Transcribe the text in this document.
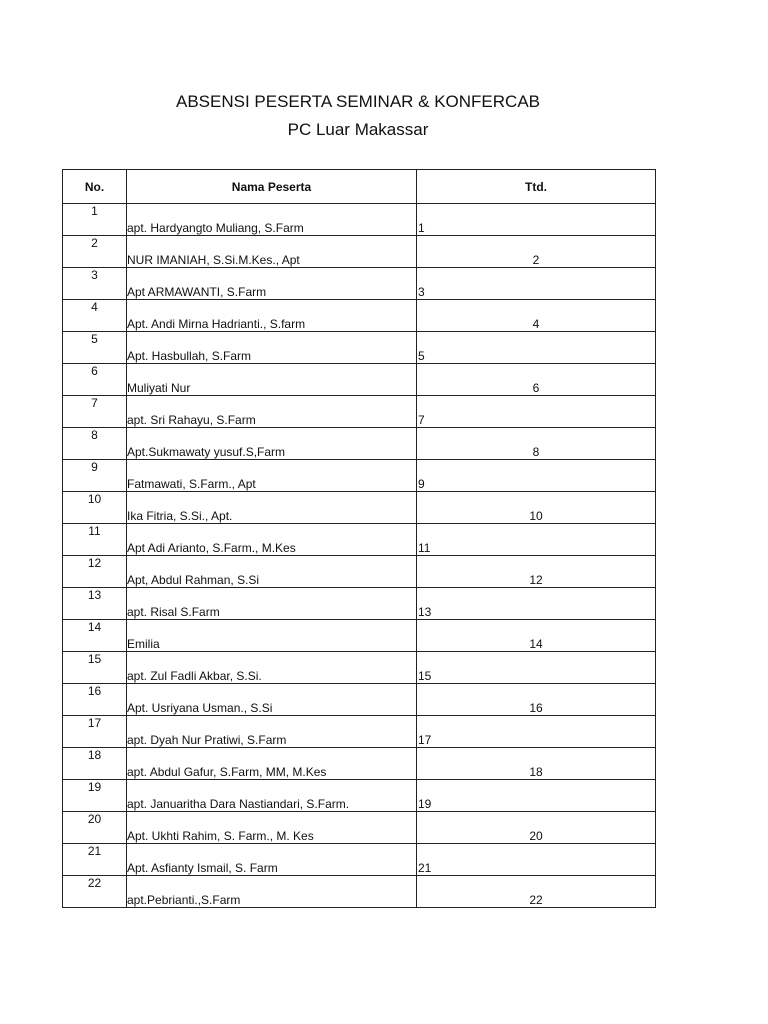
ABSENSI PESERTA SEMINAR & KONFERCAB
PC Luar Makassar
No.	Nama Peserta	Ttd.
1	apt. Hardyangto Muliang, S.Farm	1
2	NUR IMANIAH, S.Si.M.Kes., Apt	2
3	Apt ARMAWANTI, S.Farm	3
4	Apt. Andi Mirna Hadrianti., S.farm	4
5	Apt. Hasbullah, S.Farm	5
6	Muliyati Nur	6
7	apt. Sri Rahayu, S.Farm	7
8	Apt.Sukmawaty yusuf.S,Farm	8
9	Fatmawati, S.Farm., Apt	9
10	Ika Fitria, S.Si., Apt.	10
11	Apt Adi Arianto, S.Farm., M.Kes	11
12	Apt, Abdul Rahman, S.Si	12
13	apt. Risal S.Farm	13
14	Emilia	14
15	apt. Zul Fadli Akbar, S.Si.	15
16	Apt. Usriyana Usman., S.Si	16
17	apt. Dyah Nur Pratiwi, S.Farm	17
18	apt. Abdul Gafur, S.Farm, MM, M.Kes	18
19	apt. Januaritha Dara Nastiandari, S.Farm.	19
20	Apt. Ukhti Rahim, S. Farm., M. Kes	20
21	Apt. Asfianty Ismail, S. Farm	21
22	apt.Pebrianti.,S.Farm	22
